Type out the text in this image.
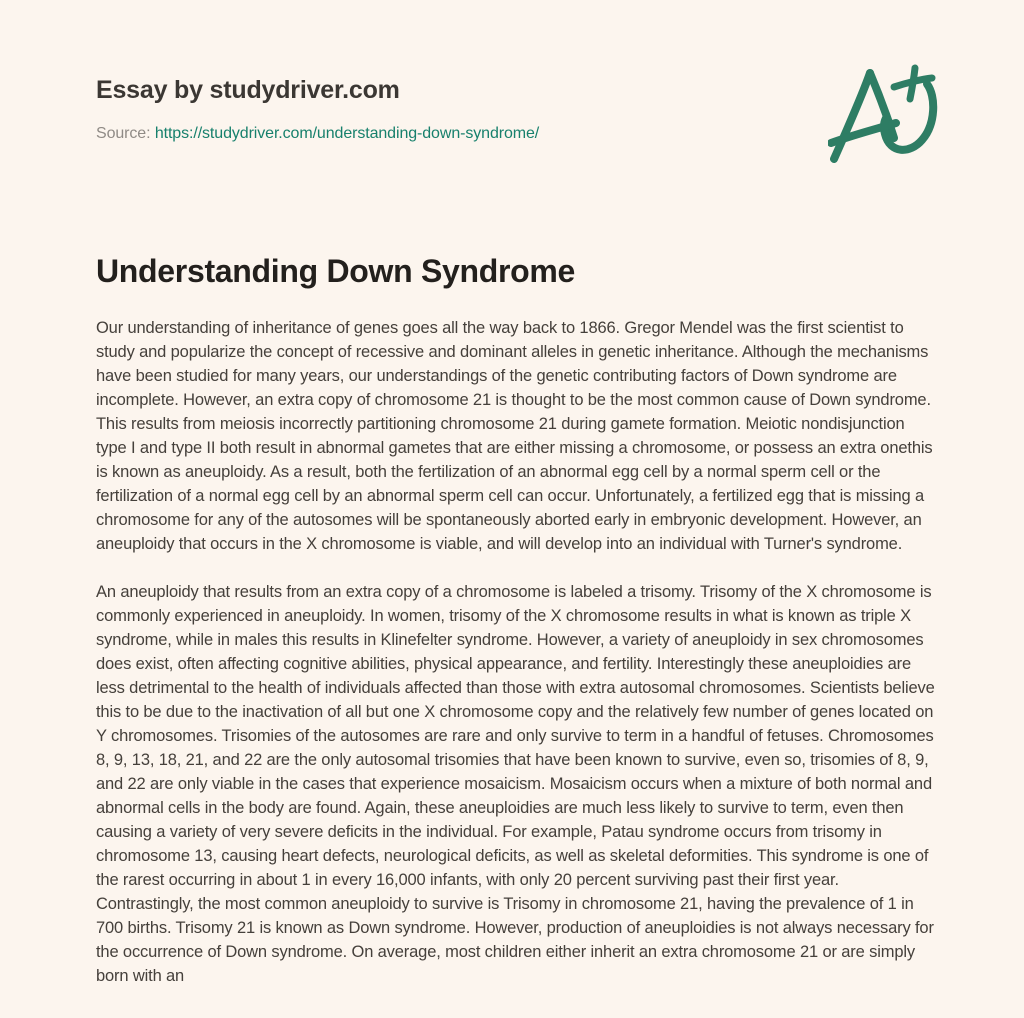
Essay by studydriver.com
Source: https://studydriver.com/understanding-down-syndrome/
Understanding Down Syndrome

Our understanding of inheritance of genes goes all the way back to 1866. Gregor Mendel was the first scientist to study and popularize the concept of recessive and dominant alleles in genetic inheritance. Although the mechanisms have been studied for many years, our understandings of the genetic contributing factors of Down syndrome are incomplete. However, an extra copy of chromosome 21 is thought to be the most common cause of Down syndrome. This results from meiosis incorrectly partitioning chromosome 21 during gamete formation. Meiotic nondisjunction type I and type II both result in abnormal gametes that are either missing a chromosome, or possess an extra onethis is known as aneuploidy. As a result, both the fertilization of an abnormal egg cell by a normal sperm cell or the fertilization of a normal egg cell by an abnormal sperm cell can occur. Unfortunately, a fertilized egg that is missing a chromosome for any of the autosomes will be spontaneously aborted early in embryonic development. However, an aneuploidy that occurs in the X chromosome is viable, and will develop into an individual with Turner's syndrome.

An aneuploidy that results from an extra copy of a chromosome is labeled a trisomy. Trisomy of the X chromosome is commonly experienced in aneuploidy. In women, trisomy of the X chromosome results in what is known as triple X syndrome, while in males this results in Klinefelter syndrome. However, a variety of aneuploidy in sex chromosomes does exist, often affecting cognitive abilities, physical appearance, and fertility. Interestingly these aneuploidies are less detrimental to the health of individuals affected than those with extra autosomal chromosomes. Scientists believe this to be due to the inactivation of all but one X chromosome copy and the relatively few number of genes located on Y chromosomes. Trisomies of the autosomes are rare and only survive to term in a handful of fetuses. Chromosomes 8, 9, 13, 18, 21, and 22 are the only autosomal trisomies that have been known to survive, even so, trisomies of 8, 9, and 22 are only viable in the cases that experience mosaicism. Mosaicism occurs when a mixture of both normal and abnormal cells in the body are found. Again, these aneuploidies are much less likely to survive to term, even then causing a variety of very severe deficits in the individual. For example, Patau syndrome occurs from trisomy in chromosome 13, causing heart defects, neurological deficits, as well as skeletal deformities. This syndrome is one of the rarest occurring in about 1 in every 16,000 infants, with only 20 percent surviving past their first year. Contrastingly, the most common aneuploidy to survive is Trisomy in chromosome 21, having the prevalence of 1 in 700 births. Trisomy 21 is known as Down syndrome. However, production of aneuploidies is not always necessary for the occurrence of Down syndrome. On average, most children either inherit an extra chromosome 21 or are simply born with an
